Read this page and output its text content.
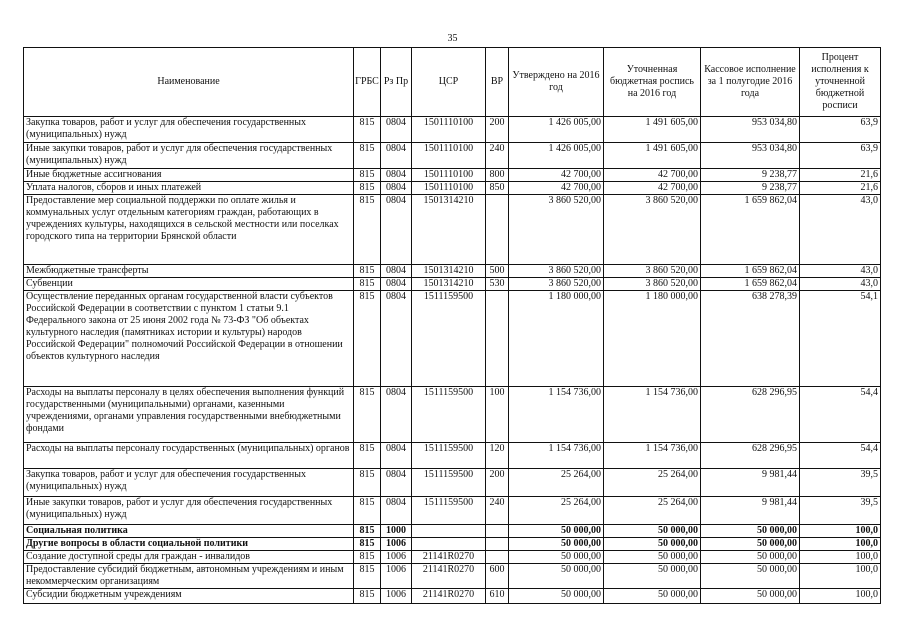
35
Наименование	ГРБС	Рз Пр	ЦСР	ВР	Утверждено на 2016 год	Уточненная бюджетная роспись на 2016 год	Кассовое исполнение за 1 полугодие 2016 года	Процент исполнения к уточненной бюджетной росписи
Закупка товаров, работ и услуг для обеспечения государственных (муниципальных) нужд	815	0804	1501110100	200	1 426 005,00	1 491 605,00	953 034,80	63,9
Иные закупки товаров, работ и услуг для обеспечения государственных (муниципальных) нужд	815	0804	1501110100	240	1 426 005,00	1 491 605,00	953 034,80	63,9
Иные бюджетные ассигнования	815	0804	1501110100	800	42 700,00	42 700,00	9 238,77	21,6
Уплата налогов, сборов и иных платежей	815	0804	1501110100	850	42 700,00	42 700,00	9 238,77	21,6
Предоставление мер социальной поддержки по оплате жилья и коммунальных услуг отдельным категориям граждан, работающих в учреждениях культуры, находящихся в сельской местности или поселках городского типа на территории Брянской области	815	0804	1501314210		3 860 520,00	3 860 520,00	1 659 862,04	43,0
Межбюджетные трансферты	815	0804	1501314210	500	3 860 520,00	3 860 520,00	1 659 862,04	43,0
Субвенции	815	0804	1501314210	530	3 860 520,00	3 860 520,00	1 659 862,04	43,0
Осуществление переданных органам государственной власти субъектов Российской Федерации в соответствии с пунктом 1 статьи 9.1 Федерального закона от 25 июня 2002 года № 73-ФЗ "Об объектах культурного наследия (памятниках истории и культуры) народов Российской Федерации" полномочий Российской Федерации в отношении объектов культурного наследия	815	0804	1511159500		1 180 000,00	1 180 000,00	638 278,39	54,1
Расходы на выплаты персоналу в целях обеспечения выполнения функций государственными (муниципальными) органами, казенными учреждениями, органами управления государственными внебюджетными фондами	815	0804	1511159500	100	1 154 736,00	1 154 736,00	628 296,95	54,4
Расходы на выплаты персоналу государственных (муниципальных) органов	815	0804	1511159500	120	1 154 736,00	1 154 736,00	628 296,95	54,4
Закупка товаров, работ и услуг для обеспечения государственных (муниципальных) нужд	815	0804	1511159500	200	25 264,00	25 264,00	9 981,44	39,5
Иные закупки товаров, работ и услуг для обеспечения государственных (муниципальных) нужд	815	0804	1511159500	240	25 264,00	25 264,00	9 981,44	39,5
Социальная политика	815	1000			50 000,00	50 000,00	50 000,00	100,0
Другие вопросы в области социальной политики	815	1006			50 000,00	50 000,00	50 000,00	100,0
Создание доступной среды для граждан - инвалидов	815	1006	21141R0270		50 000,00	50 000,00	50 000,00	100,0
Предоставление субсидий бюджетным, автономным учреждениям и иным некоммерческим организациям	815	1006	21141R0270	600	50 000,00	50 000,00	50 000,00	100,0
Субсидии бюджетным учреждениям	815	1006	21141R0270	610	50 000,00	50 000,00	50 000,00	100,0
